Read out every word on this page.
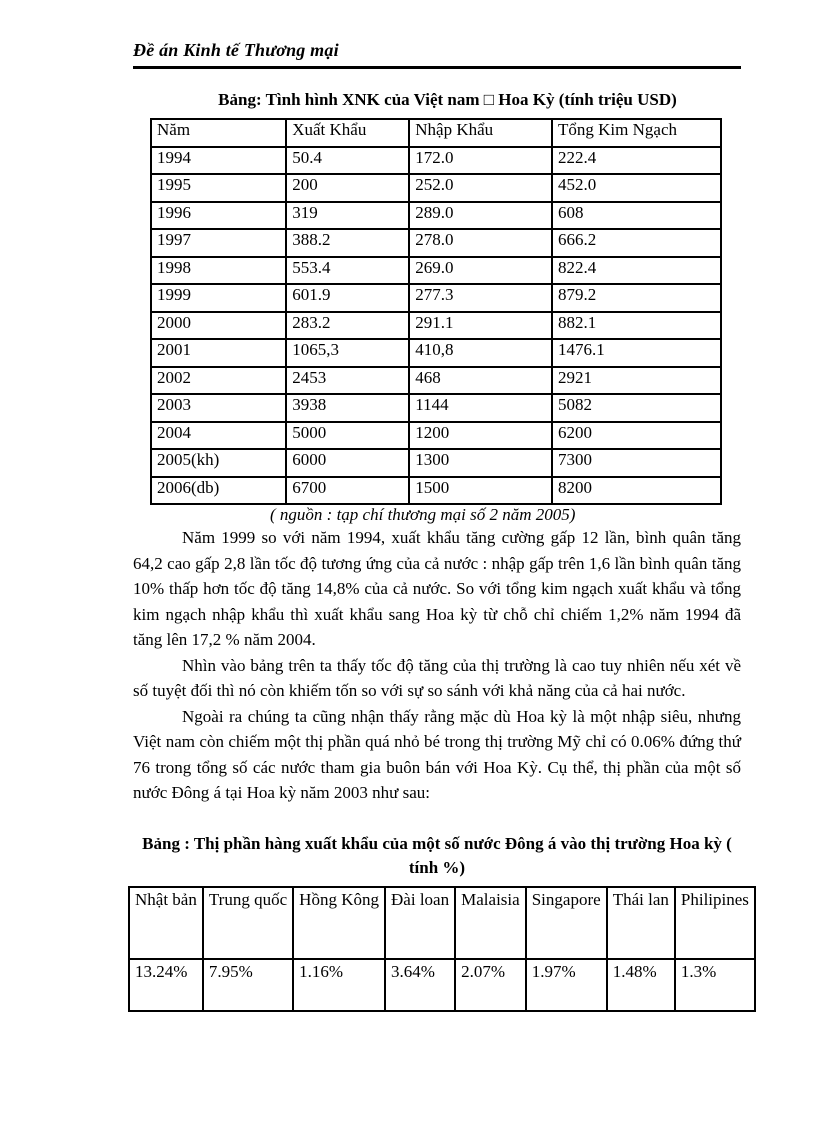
Đề án Kinh tế Thương mại
Bảng: Tình hình XNK của Việt nam □ Hoa Kỳ (tính triệu USD)
Năm	Xuất Khẩu	Nhập Khẩu	Tổng Kim Ngạch
1994	50.4	172.0	222.4
1995	200	252.0	452.0
1996	319	289.0	608
1997	388.2	278.0	666.2
1998	553.4	269.0	822.4
1999	601.9	277.3	879.2
2000	283.2	291.1	882.1
2001	1065,3	410,8	1476.1
2002	2453	468	2921
2003	3938	1144	5082
2004	5000	1200	6200
2005(kh)	6000	1300	7300
2006(db)	6700	1500	8200
( nguồn : tạp chí thương mại số 2 năm 2005)

Năm 1999 so với năm 1994, xuất khẩu tăng cường gấp 12 lần, bình quân tăng 64,2 cao gấp 2,8 lần tốc độ tương ứng của cả nước : nhập gấp trên 1,6 lần bình quân tăng 10% thấp hơn tốc độ tăng 14,8% của cả nước. So với tổng kim ngạch xuất khẩu và tổng kim ngạch nhập khẩu thì xuất khẩu sang Hoa kỳ từ chỗ chỉ chiếm 1,2% năm 1994 đã tăng lên 17,2 % năm 2004.

Nhìn vào bảng trên ta thấy tốc độ tăng của thị trường là cao tuy nhiên nếu xét về số tuyệt đối thì nó còn khiếm tốn so với sự so sánh với khả năng của cả hai nước.

Ngoài ra chúng ta cũng nhận thấy rằng mặc dù Hoa kỳ là một nhập siêu, nhưng Việt nam còn chiếm một thị phần quá nhỏ bé trong thị trường Mỹ chỉ có 0.06% đứng thứ 76 trong tổng số các nước tham gia buôn bán với Hoa Kỳ. Cụ thể, thị phần của một số nước Đông á tại Hoa kỳ năm 2003 như sau:

Bảng : Thị phần hàng xuất khẩu của một số nước Đông á vào thị trường Hoa kỳ ( tính %)
Nhật bản	Trung quốc	Hồng Kông	Đài loan	Malaisia	Singapore	Thái lan	Philipines
13.24%	7.95%	1.16%	3.64%	2.07%	1.97%	1.48%	1.3%
